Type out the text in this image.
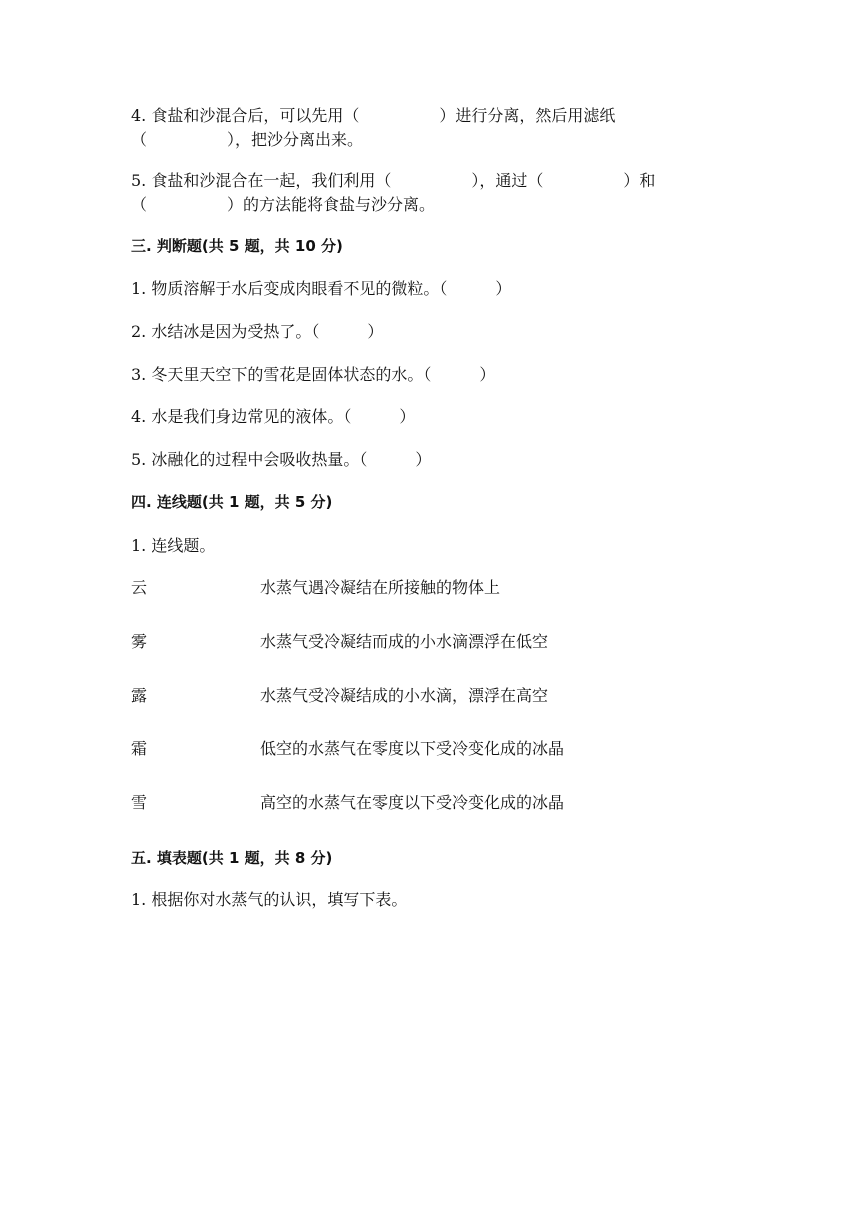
4. 食盐和沙混合后，可以先用（　　　　　）进行分离，然后用滤纸
（　　　　　），把沙分离出来。
5. 食盐和沙混合在一起，我们利用（　　　　　），通过（　　　　　）和
（　　　　　）的方法能将食盐与沙分离。
三. 判断题(共 5 题，共 10 分)
1. 物质溶解于水后变成肉眼看不见的微粒。（　　　）
2. 水结冰是因为受热了。（　　　）
3. 冬天里天空下的雪花是固体状态的水。（　　　）
4. 水是我们身边常见的液体。（　　　）
5. 冰融化的过程中会吸收热量。（　　　）
四. 连线题(共 1 题，共 5 分)
1. 连线题。
云	水蒸气遇冷凝结在所接触的物体上
雾	水蒸气受冷凝结而成的小水滴漂浮在低空
露	水蒸气受冷凝结成的小水滴，漂浮在高空
霜	低空的水蒸气在零度以下受冷变化成的冰晶
雪	高空的水蒸气在零度以下受冷变化成的冰晶
五. 填表题(共 1 题，共 8 分)
1. 根据你对水蒸气的认识，填写下表。
